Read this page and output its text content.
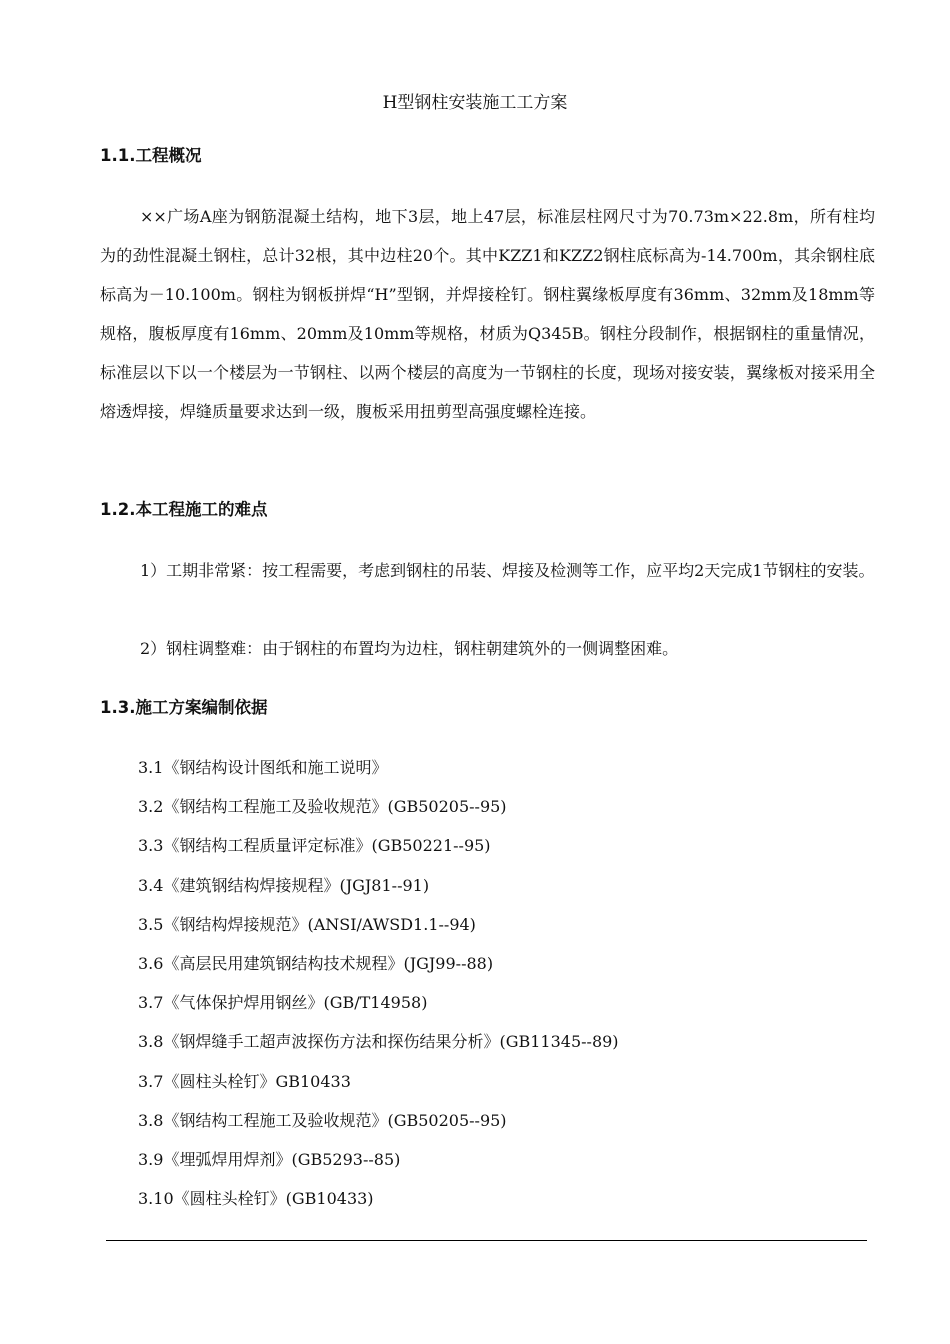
H型钢柱安装施工工方案
1.1.工程概况
××广场A座为钢筋混凝土结构，地下3层，地上47层，标准层柱网尺寸为70.73m×22.8m，所有柱均为的劲性混凝土钢柱，总计32根，其中边柱20个。其中KZZ1和KZZ2钢柱底标高为-14.700m，其余钢柱底标高为－10.100m。钢柱为钢板拼焊“H”型钢，并焊接栓钉。钢柱翼缘板厚度有36mm、32mm及18mm等规格，腹板厚度有16mm、20mm及10mm等规格，材质为Q345B。钢柱分段制作，根据钢柱的重量情况，标准层以下以一个楼层为一节钢柱、以两个楼层的高度为一节钢柱的长度，现场对接安装，翼缘板对接采用全熔透焊接，焊缝质量要求达到一级，腹板采用扭剪型高强度螺栓连接。
1.2.本工程施工的难点
1）工期非常紧：按工程需要，考虑到钢柱的吊装、焊接及检测等工作，应平均2天完成1节钢柱的安装。
2）钢柱调整难：由于钢柱的布置均为边柱，钢柱朝建筑外的一侧调整困难。
1.3.施工方案编制依据
3.1《钢结构设计图纸和施工说明》
3.2《钢结构工程施工及验收规范》(GB50205--95)
3.3《钢结构工程质量评定标准》(GB50221--95)
3.4《建筑钢结构焊接规程》(JGJ81--91)
3.5《钢结构焊接规范》(ANSI/AWSD1.1--94)
3.6《高层民用建筑钢结构技术规程》(JGJ99--88)
3.7《气体保护焊用钢丝》(GB/T14958)
3.8《钢焊缝手工超声波探伤方法和探伤结果分析》(GB11345--89)
3.7《圆柱头栓钉》GB10433
3.8《钢结构工程施工及验收规范》(GB50205--95)
3.9《埋弧焊用焊剂》(GB5293--85)
3.10《圆柱头栓钉》(GB10433)
